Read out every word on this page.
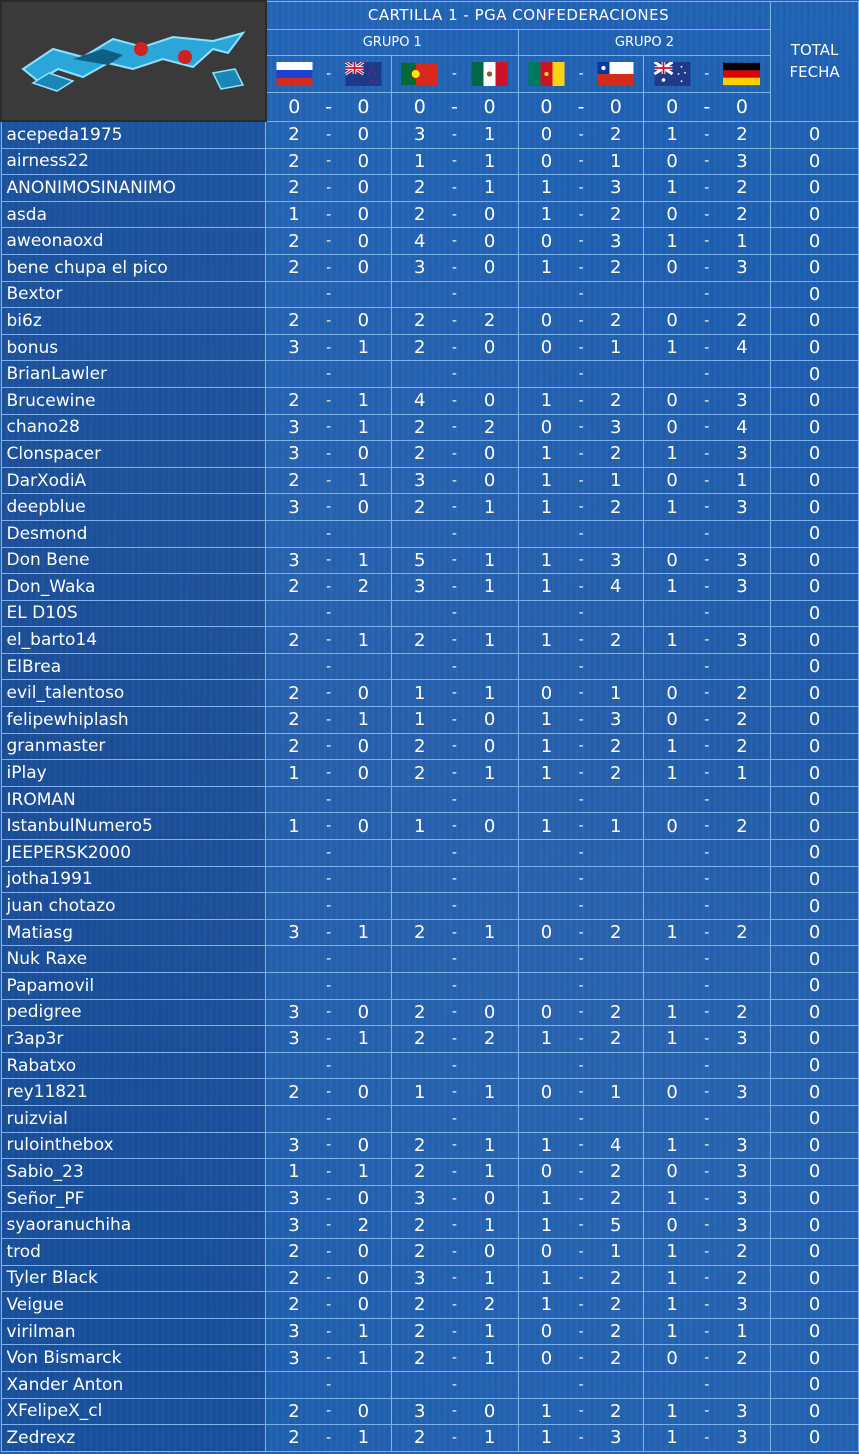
	CARTILLA 1 - PGA CONFEDERACIONES												TOTAL
FECHA

	GRUPO 1						GRUPO 2						
	-			-			-			-	
	0	-	0	0	-	0	0	-	0	0	-	0	
acepeda1975	2	-	0	3	-	1	0	-	2	1	-	2	0
airness22	2	-	0	1	-	1	0	-	1	0	-	3	0
ANONIMOSINANIMO	2	-	0	2	-	1	1	-	3	1	-	2	0
asda	1	-	0	2	-	0	1	-	2	0	-	2	0
aweonaoxd	2	-	0	4	-	0	0	-	3	1	-	1	0
bene chupa el pico	2	-	0	3	-	0	1	-	2	0	-	3	0
Bextor		-			-			-			-		0
bi6z	2	-	0	2	-	2	0	-	2	0	-	2	0
bonus	3	-	1	2	-	0	0	-	1	1	-	4	0
BrianLawler		-			-			-			-		0
Brucewine	2	-	1	4	-	0	1	-	2	0	-	3	0
chano28	3	-	1	2	-	2	0	-	3	0	-	4	0
Clonspacer	3	-	0	2	-	0	1	-	2	1	-	3	0
DarXodiA	2	-	1	3	-	0	1	-	1	0	-	1	0
deepblue	3	-	0	2	-	1	1	-	2	1	-	3	0
Desmond		-			-			-			-		0
Don Bene	3	-	1	5	-	1	1	-	3	0	-	3	0
Don_Waka	2	-	2	3	-	1	1	-	4	1	-	3	0
EL D10S		-			-			-			-		0
el_barto14	2	-	1	2	-	1	1	-	2	1	-	3	0
ElBrea		-			-			-			-		0
evil_talentoso	2	-	0	1	-	1	0	-	1	0	-	2	0
felipewhiplash	2	-	1	1	-	0	1	-	3	0	-	2	0
granmaster	2	-	0	2	-	0	1	-	2	1	-	2	0
iPlay	1	-	0	2	-	1	1	-	2	1	-	1	0
IROMAN		-			-			-			-		0
IstanbulNumero5	1	-	0	1	-	0	1	-	1	0	-	2	0
JEEPERSK2000		-			-			-			-		0
jotha1991		-			-			-			-		0
juan chotazo		-			-			-			-		0
Matiasg	3	-	1	2	-	1	0	-	2	1	-	2	0
Nuk Raxe		-			-			-			-		0
Papamovil		-			-			-			-		0
pedigree	3	-	0	2	-	0	0	-	2	1	-	2	0
r3ap3r	3	-	1	2	-	2	1	-	2	1	-	3	0
Rabatxo		-			-			-			-		0
rey11821	2	-	0	1	-	1	0	-	1	0	-	3	0
ruizvial		-			-			-			-		0
rulointhebox	3	-	0	2	-	1	1	-	4	1	-	3	0
Sabio_23	1	-	1	2	-	1	0	-	2	0	-	3	0
Señor_PF	3	-	0	3	-	0	1	-	2	1	-	3	0
syaoranuchiha	3	-	2	2	-	1	1	-	5	0	-	3	0
trod	2	-	0	2	-	0	0	-	1	1	-	2	0
Tyler Black	2	-	0	3	-	1	1	-	2	1	-	2	0
Veigue	2	-	0	2	-	2	1	-	2	1	-	3	0
virilman	3	-	1	2	-	1	0	-	2	1	-	1	0
Von Bismarck	3	-	1	2	-	1	0	-	2	0	-	2	0
Xander Anton		-			-			-			-		0
XFelipeX_cl	2	-	0	3	-	0	1	-	2	1	-	3	0
Zedrexz	2	-	1	2	-	1	1	-	3	1	-	3	0
